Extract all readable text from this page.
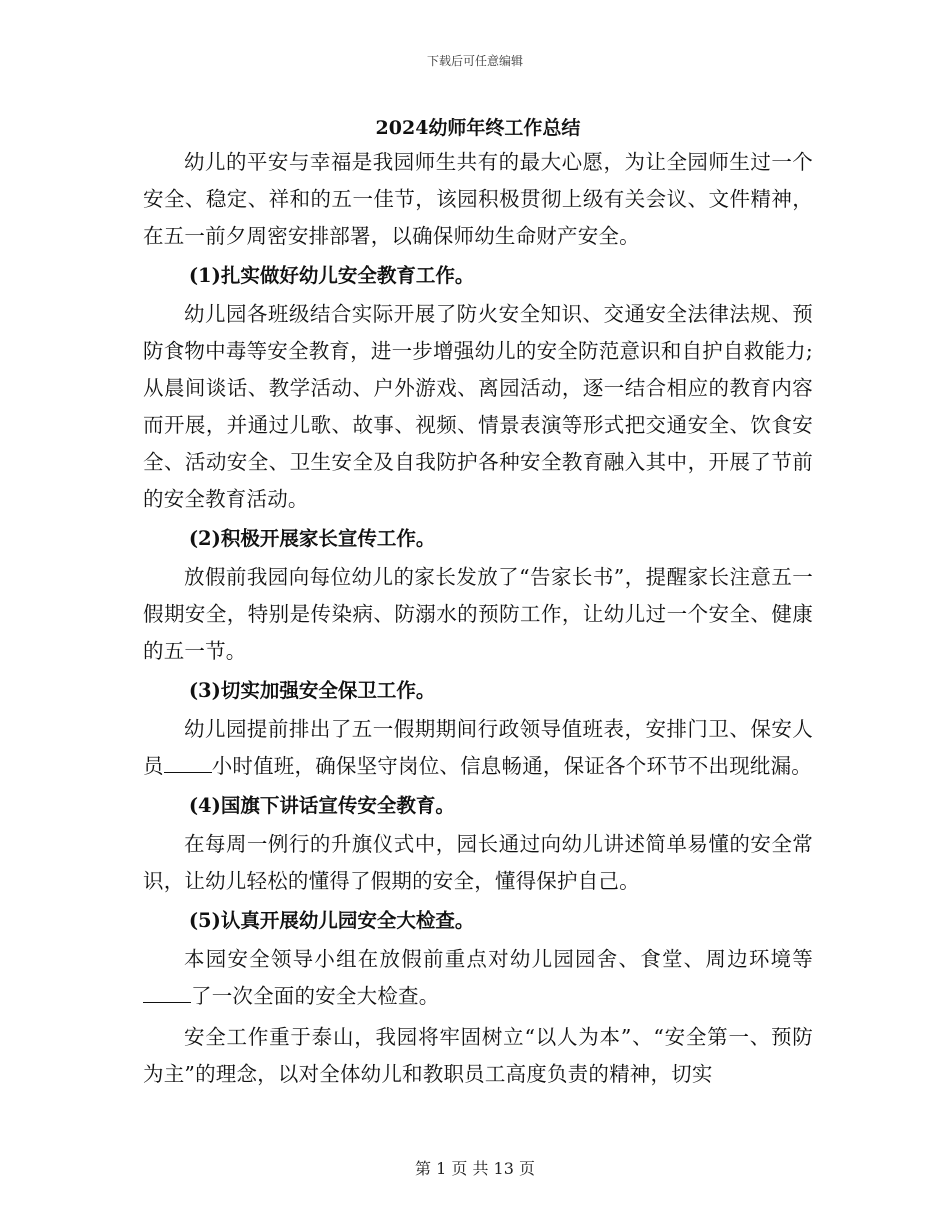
下载后可任意编辑

2024幼师年终工作总结

幼儿的平安与幸福是我园师生共有的最大心愿，为让全园师生过一个安全、稳定、祥和的五一佳节，该园积极贯彻上级有关会议、文件精神，在五一前夕周密安排部署，以确保师幼生命财产安全。

(1)扎实做好幼儿安全教育工作。

幼儿园各班级结合实际开展了防火安全知识、交通安全法律法规、预防食物中毒等安全教育，进一步增强幼儿的安全防范意识和自护自救能力;从晨间谈话、教学活动、户外游戏、离园活动，逐一结合相应的教育内容而开展，并通过儿歌、故事、视频、情景表演等形式把交通安全、饮食安全、活动安全、卫生安全及自我防护各种安全教育融入其中，开展了节前的安全教育活动。

(2)积极开展家长宣传工作。

放假前我园向每位幼儿的家长发放了“告家长书”，提醒家长注意五一假期安全，特别是传染病、防溺水的预防工作，让幼儿过一个安全、健康的五一节。

(3)切实加强安全保卫工作。

幼儿园提前排出了五一假期期间行政领导值班表，安排门卫、保安人员 小时值班，确保坚守岗位、信息畅通，保证各个环节不出现纰漏。

(4)国旗下讲话宣传安全教育。

在每周一例行的升旗仪式中，园长通过向幼儿讲述简单易懂的安全常识，让幼儿轻松的懂得了假期的安全，懂得保护自己。

(5)认真开展幼儿园安全大检查。

本园安全领导小组在放假前重点对幼儿园园舍、食堂、周边环境等了一次全面的安全大检查。

安全工作重于泰山，我园将牢固树立“以人为本”、“安全第一、预防为主”的理念，以对全体幼儿和教职员工高度负责的精神，切实

第 1 页 共 13 页
